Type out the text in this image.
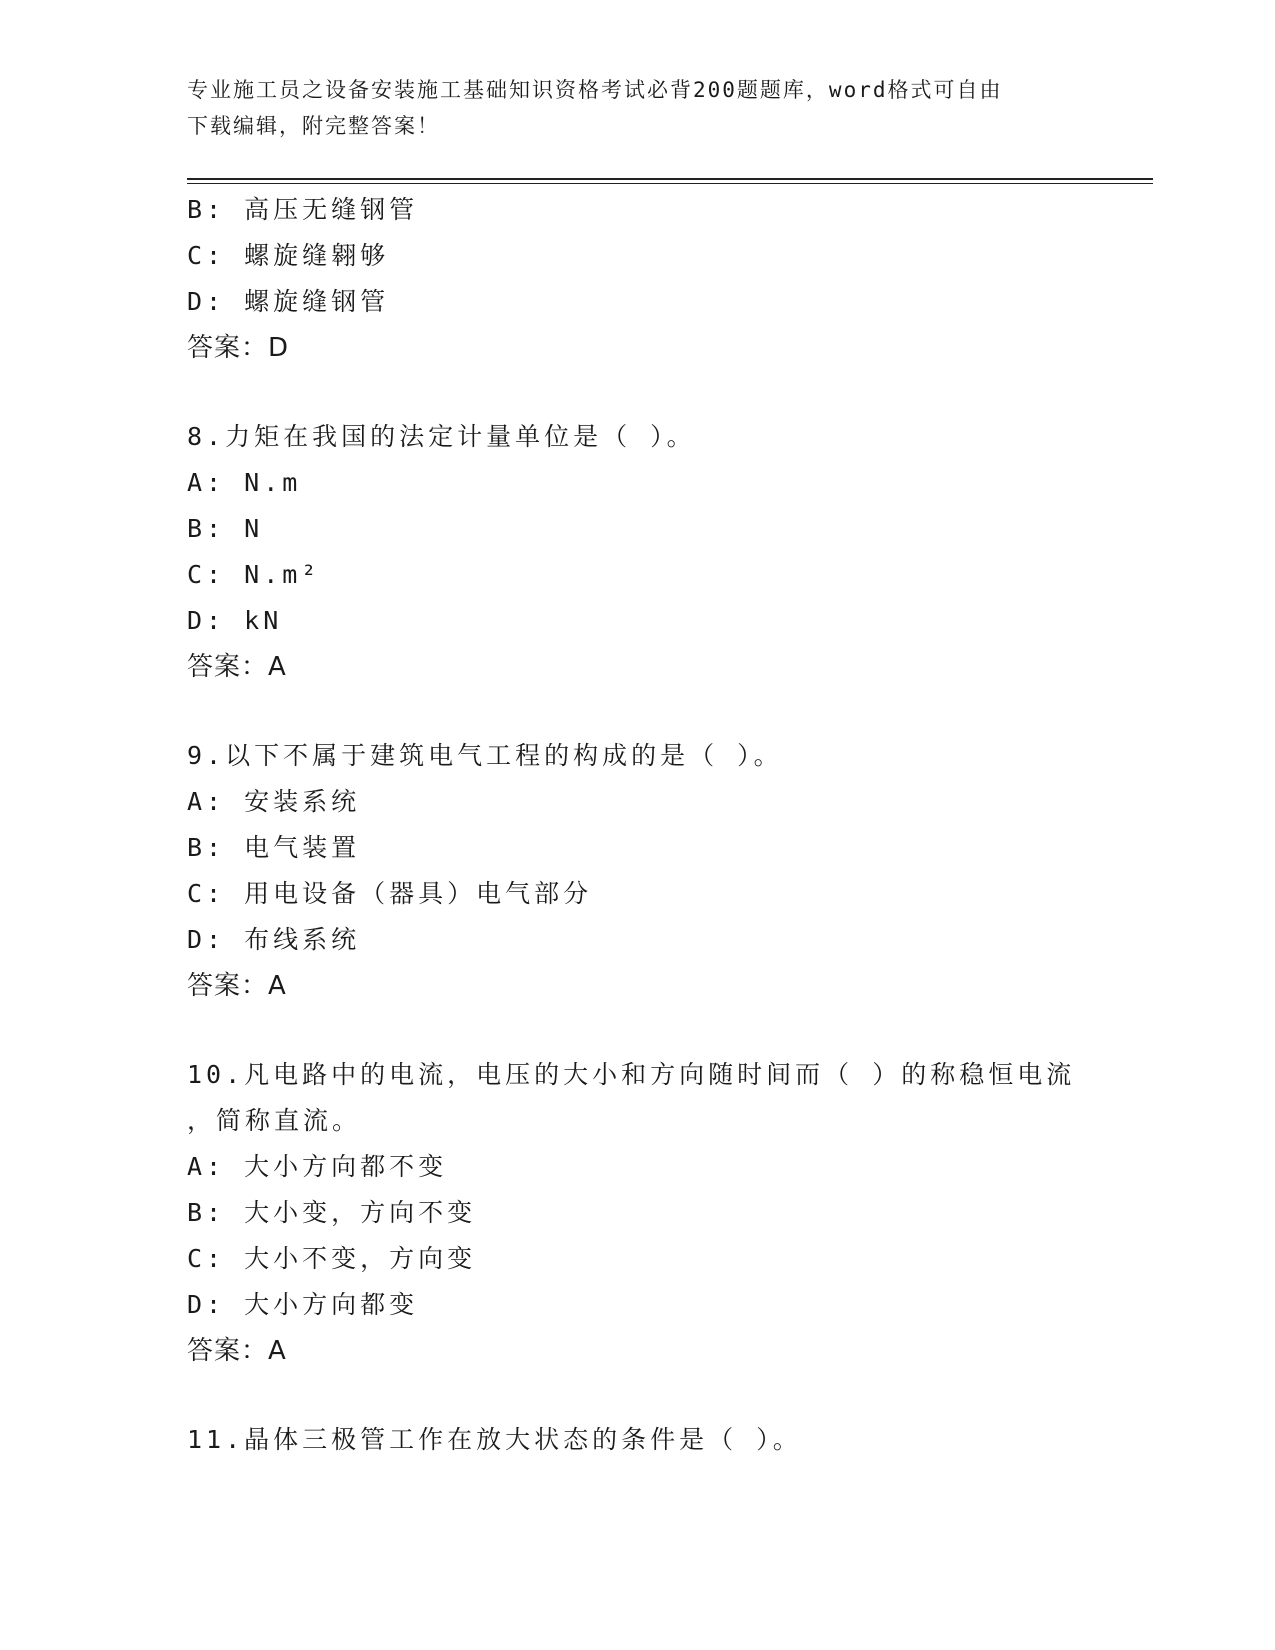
专业施工员之设备安装施工基础知识资格考试必背200题题库，word格式可自由
下载编辑，附完整答案！
B: 高压无缝钢管
C: 螺旋缝翱够
D: 螺旋缝钢管
答案：D
8.力矩在我国的法定计量单位是（ ）。
A: N.m
B: N
C: N.m²
D: kN
答案：A
9.以下不属于建筑电气工程的构成的是（ ）。
A: 安装系统
B: 电气装置
C: 用电设备（器具）电气部分
D: 布线系统
答案：A
10.凡电路中的电流，电压的大小和方向随时间而（ ）的称稳恒电流
，简称直流。
A: 大小方向都不变
B: 大小变，方向不变
C: 大小不变，方向变
D: 大小方向都变
答案：A
11.晶体三极管工作在放大状态的条件是（ ）。
